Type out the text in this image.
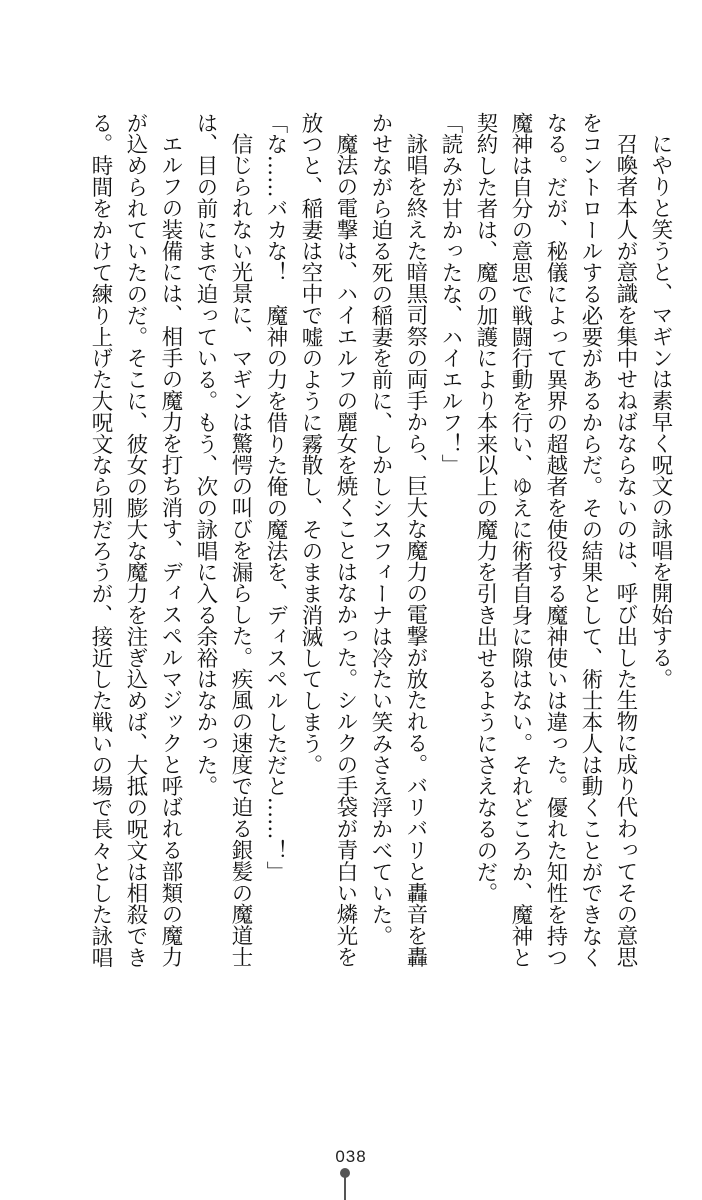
にやりと笑うと、マギンは素早く呪文の詠唱を開始する。
召喚者本人が意識を集中せねばならないのは、呼び出した生物に成り代わってその意思
をコントロールする必要があるからだ。その結果として、術士本人は動くことができなく
なる。だが、秘儀によって異界の超越者を使役する魔神使いは違った。優れた知性を持つ
魔神は自分の意思で戦闘行動を行い、ゆえに術者自身に隙はない。それどころか、魔神と
契約した者は、魔の加護により本来以上の魔力を引き出せるようにさえなるのだ。
「読みが甘かったな、ハイエルフ！」
詠唱を終えた暗黒司祭の両手から、巨大な魔力の電撃が放たれる。バリバリと轟音を轟
かせながら迫る死の稲妻を前に、しかしシスフィーナは冷たい笑みさえ浮かべていた。
魔法の電撃は、ハイエルフの麗女を焼くことはなかった。シルクの手袋が青白い燐光を
放つと、稲妻は空中で嘘のように霧散し、そのまま消滅してしまう。
「な……バカな！　魔神の力を借りた俺の魔法を、ディスペルしただと……！」
信じられない光景に、マギンは驚愕の叫びを漏らした。疾風の速度で迫る銀髪の魔道士
は、目の前にまで迫っている。もう、次の詠唱に入る余裕はなかった。
エルフの装備には、相手の魔力を打ち消す、ディスペルマジックと呼ばれる部類の魔力
が込められていたのだ。そこに、彼女の膨大な魔力を注ぎ込めば、大抵の呪文は相殺でき
る。時間をかけて練り上げた大呪文なら別だろうが、接近した戦いの場で長々とした詠唱
038
